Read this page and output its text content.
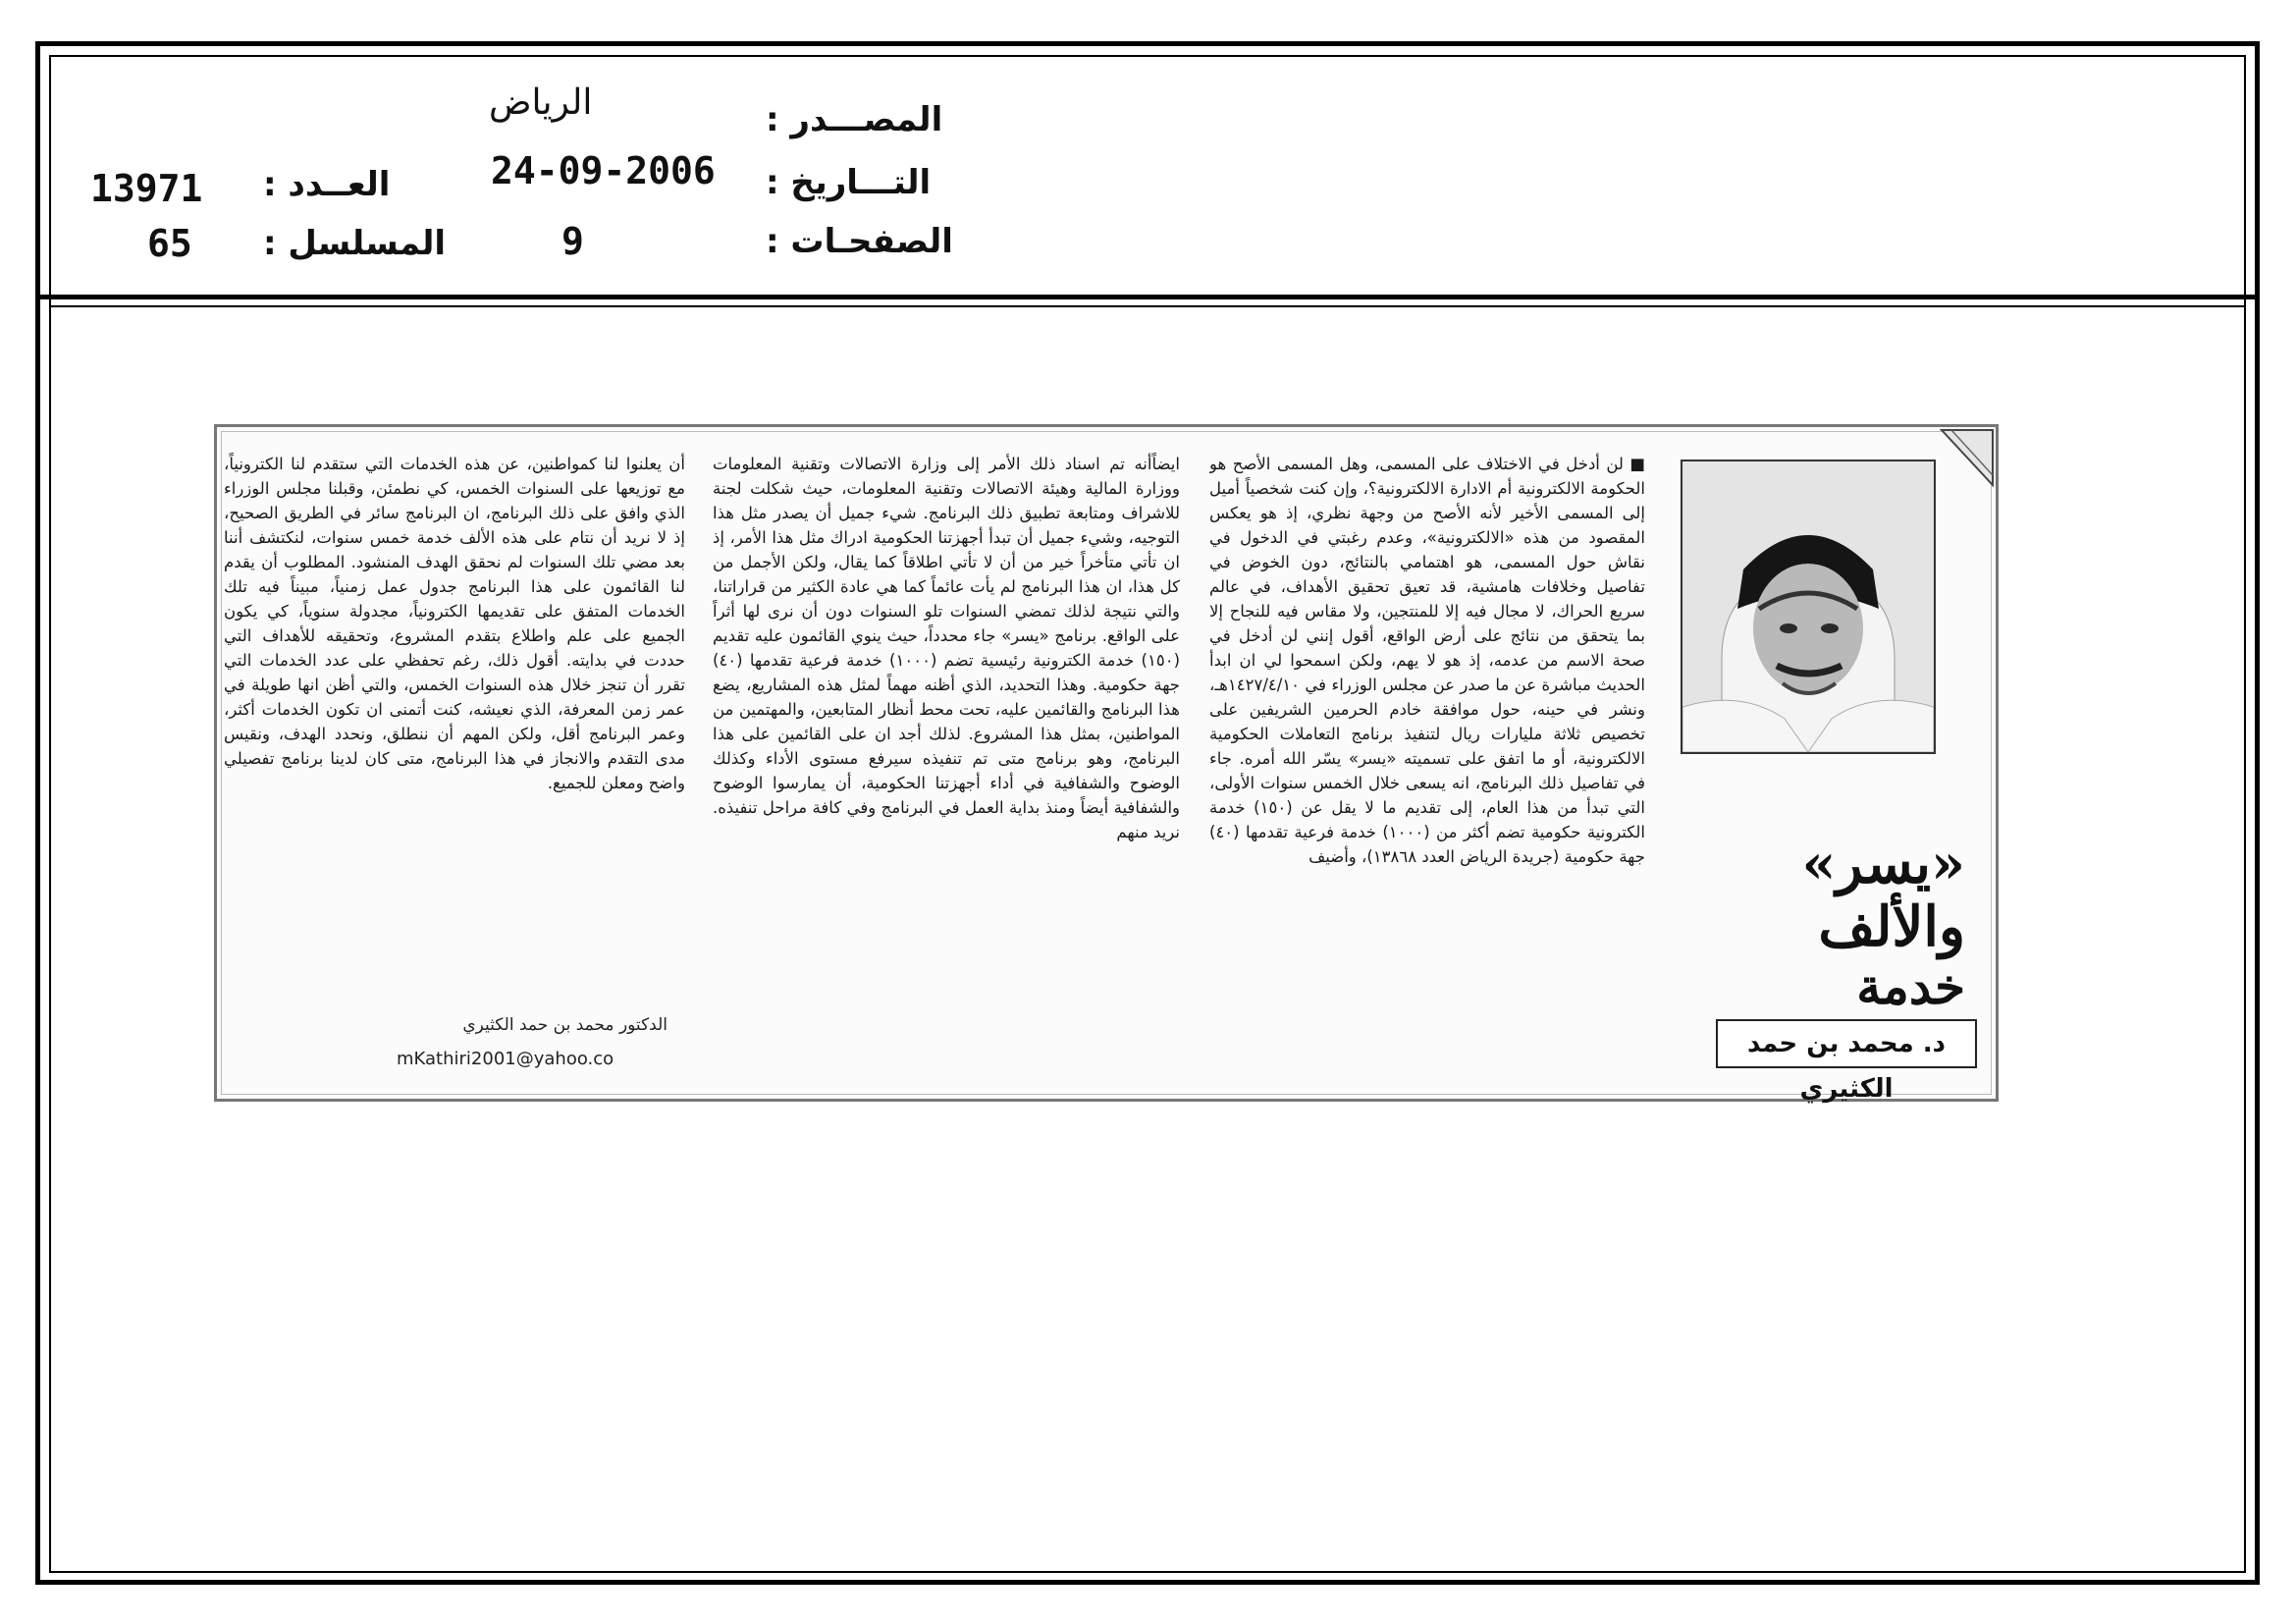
المصـــدر :
الرياض
التـــاريخ :
24-09-2006
الصفحـات :
9
العــدد :
13971
المسلسل :
65
«يسر» والألف
خدمة
د. محمد بن حمد الكثيري
■ لن أدخل في الاختلاف على المسمى، وهل المسمى الأصح هو الحكومة الالكترونية أم الادارة الالكترونية؟، وإن كنت شخصياً أميل إلى المسمى الأخير لأنه الأصح من وجهة نظري، إذ هو يعكس المقصود من هذه «الالكترونية»، وعدم رغبتي في الدخول في نقاش حول المسمى، هو اهتمامي بالنتائج، دون الخوض في تفاصيل وخلافات هامشية، قد تعيق تحقيق الأهداف، في عالم سريع الحراك، لا مجال فيه إلا للمنتجين، ولا مقاس فيه للنجاح إلا بما يتحقق من نتائج على أرض الواقع، أقول إنني لن أدخل في صحة الاسم من عدمه، إذ هو لا يهم، ولكن اسمحوا لي ان ابدأ الحديث مباشرة عن ما صدر عن مجلس الوزراء في ١٤٢٧/٤/١٠هـ، ونشر في حينه، حول موافقة خادم الحرمين الشريفين على تخصيص ثلاثة مليارات ريال لتنفيذ برنامج التعاملات الحكومية الالكترونية، أو ما اتفق على تسميته «يسر» يسّر الله أمره. جاء في تفاصيل ذلك البرنامج، انه يسعى خلال الخمس سنوات الأولى، التي تبدأ من هذا العام، إلى تقديم ما لا يقل عن (١٥٠) خدمة الكترونية حكومية تضم أكثر من (١٠٠٠) خدمة فرعية تقدمها (٤٠) جهة حكومية (جريدة الرياض العدد ١٣٨٦٨)، وأضيف
ايضاًأنه تم اسناد ذلك الأمر إلى وزارة الاتصالات وتقنية المعلومات ووزارة المالية وهيئة الاتصالات وتقنية المعلومات، حيث شكلت لجنة للاشراف ومتابعة تطبيق ذلك البرنامج. شيء جميل أن يصدر مثل هذا التوجيه، وشيء جميل أن تبدأ أجهزتنا الحكومية ادراك مثل هذا الأمر، إذ ان تأتي متأخراً خير من أن لا تأتي اطلاقاً كما يقال، ولكن الأجمل من كل هذا، ان هذا البرنامج لم يأت عائماً كما هي عادة الكثير من قراراتنا، والتي نتيجة لذلك تمضي السنوات تلو السنوات دون أن نرى لها أثراً على الواقع. برنامج «يسر» جاء محدداً، حيث ينوي القائمون عليه تقديم (١٥٠) خدمة الكترونية رئيسية تضم (١٠٠٠) خدمة فرعية تقدمها (٤٠) جهة حكومية. وهذا التحديد، الذي أظنه مهماً لمثل هذه المشاريع، يضع هذا البرنامج والقائمين عليه، تحت محط أنظار المتابعين، والمهتمين من المواطنين، بمثل هذا المشروع. لذلك أجد ان على القائمين على هذا البرنامج، وهو برنامج متى تم تنفيذه سيرفع مستوى الأداء وكذلك الوضوح والشفافية في أداء أجهزتنا الحكومية، أن يمارسوا الوضوح والشفافية أيضاً ومنذ بداية العمل في البرنامج وفي كافة مراحل تنفيذه. نريد منهم
أن يعلنوا لنا كمواطنين، عن هذه الخدمات التي ستقدم لنا الكترونياً، مع توزيعها على السنوات الخمس، كي نطمئن، وقبلنا مجلس الوزراء الذي وافق على ذلك البرنامج، ان البرنامج سائر في الطريق الصحيح، إذ لا نريد أن نتام على هذه الألف خدمة خمس سنوات، لنكتشف أننا بعد مضي تلك السنوات لم نحقق الهدف المنشود. المطلوب أن يقدم لنا القائمون على هذا البرنامج جدول عمل زمنياً، مبيناً فيه تلك الخدمات المتفق على تقديمها الكترونياً، مجدولة سنوياً، كي يكون الجميع على علم واطلاع بتقدم المشروع، وتحقيقه للأهداف التي حددت في بدايته. أقول ذلك، رغم تحفظي على عدد الخدمات التي تقرر أن تنجز خلال هذه السنوات الخمس، والتي أظن انها طويلة في عمر زمن المعرفة، الذي نعيشه، كنت أتمنى ان تكون الخدمات أكثر، وعمر البرنامج أقل، ولكن المهم أن ننطلق، ونحدد الهدف، ونقيس مدى التقدم والانجاز في هذا البرنامج، متى كان لدينا برنامج تفصيلي واضح ومعلن للجميع.
الدكتور محمد بن حمد الكثيري
mKathiri2001@yahoo.co
